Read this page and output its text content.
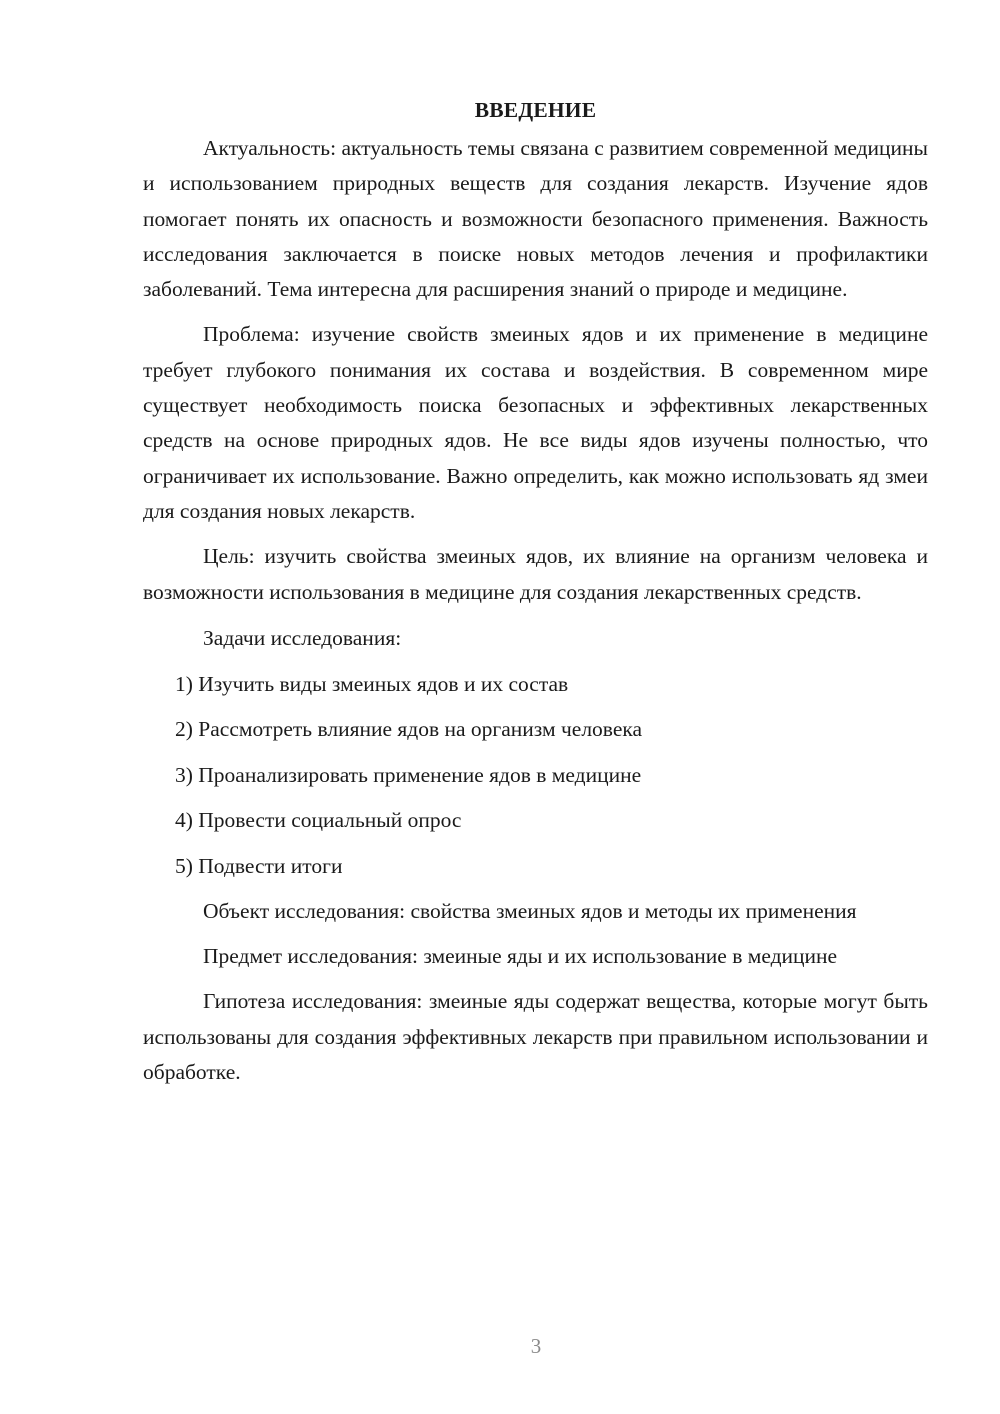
ВВЕДЕНИЕ

Актуальность: актуальность темы связана с развитием современной медицины и использованием природных веществ для создания лекарств. Изучение ядов помогает понять их опасность и возможности безопасного применения. Важность исследования заключается в поиске новых методов лечения и профилактики заболеваний. Тема интересна для расширения знаний о природе и медицине.

Проблема: изучение свойств змеиных ядов и их применение в медицине требует глубокого понимания их состава и воздействия. В современном мире существует необходимость поиска безопасных и эффективных лекарственных средств на основе природных ядов. Не все виды ядов изучены полностью, что ограничивает их использование. Важно определить, как можно использовать яд змеи для создания новых лекарств.

Цель: изучить свойства змеиных ядов, их влияние на организм человека и возможности использования в медицине для создания лекарственных средств.

Задачи исследования:
1) Изучить виды змеиных ядов и их состав
2) Рассмотреть влияние ядов на организм человека
3) Проанализировать применение ядов в медицине
4) Провести социальный опрос
5) Подвести итоги

Объект исследования: свойства змеиных ядов и методы их применения

Предмет исследования: змеиные яды и их использование в медицине

Гипотеза исследования: змеиные яды содержат вещества, которые могут быть использованы для создания эффективных лекарств при правильном использовании и обработке.

3
